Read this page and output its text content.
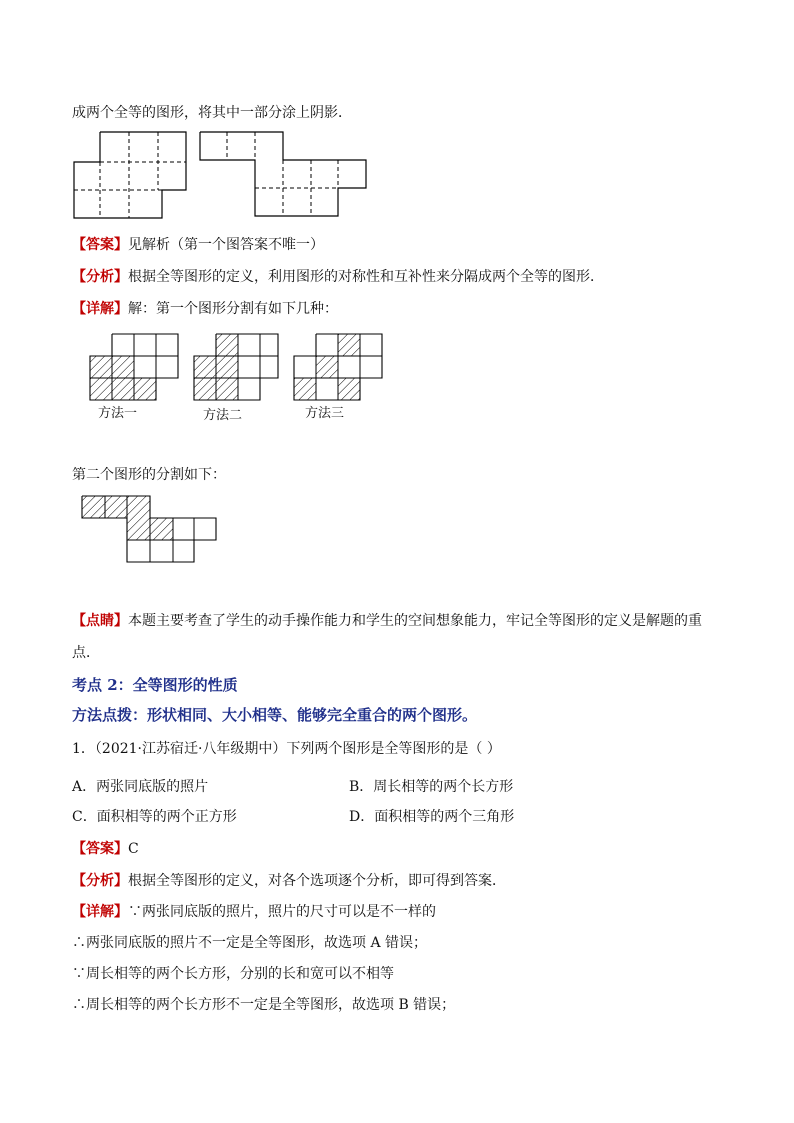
成两个全等的图形，将其中一部分涂上阴影．
【答案】见解析（第一个图答案不唯一）
【分析】根据全等图形的定义，利用图形的对称性和互补性来分隔成两个全等的图形．
【详解】解：第一个图形分割有如下几种：
方法一	方法二	方法三
第二个图形的分割如下：
【点睛】本题主要考查了学生的动手操作能力和学生的空间想象能力，牢记全等图形的定义是解题的重
点．
考点 2：全等图形的性质
方法点拨：形状相同、大小相等、能够完全重合的两个图形。
1．（2021·江苏宿迁·八年级期中）下列两个图形是全等图形的是（ ）
A．两张同底版的照片	B．周长相等的两个长方形
C．面积相等的两个正方形	D．面积相等的两个三角形
【答案】C
【分析】根据全等图形的定义，对各个选项逐个分析，即可得到答案．
【详解】∵两张同底版的照片，照片的尺寸可以是不一样的
∴两张同底版的照片不一定是全等图形，故选项 A 错误；
∵周长相等的两个长方形，分别的长和宽可以不相等
∴周长相等的两个长方形不一定是全等图形，故选项 B 错误；
